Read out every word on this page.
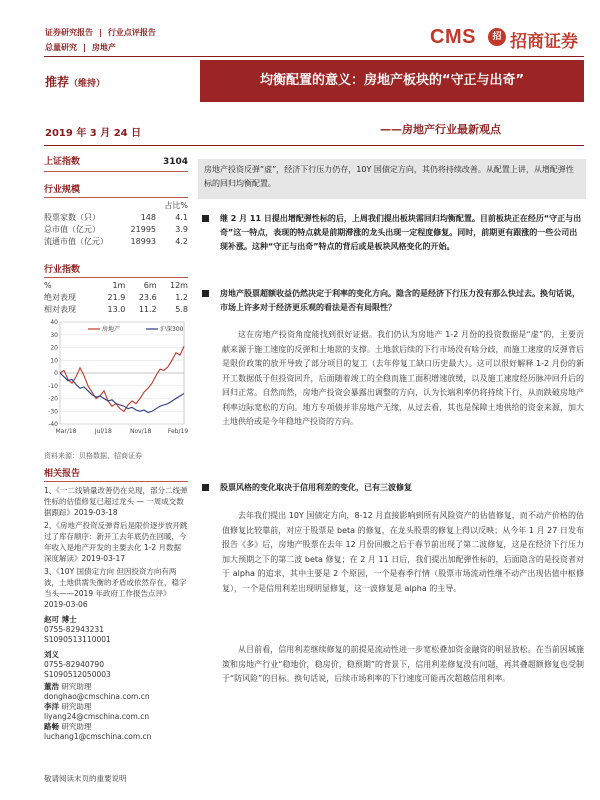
证券研究报告 | 行业点评报告
总量研究 | 房地产	CMS	招 招商证券
推荐（维持）	均衡配置的意义：房地产板块的“守正与出奇”
2019 年 3 月 24 日	——房地产行业最新观点
上证指数	3104
行业规模
占比%
股票家数（只）	148	4.1
总市值（亿元）	21995	3.9
流通市值（亿元）	18993	4.2
行业指数
%	1m	6m	12m
绝对表现	21.9	23.6	1.2
相对表现	13.0	11.2	5.8
40
30
20
10
0
-10
-20
-30
-40
Mar/18	Jul/18	Nov/18	Feb/19
房地产	沪深300
资料来源：贝格数据、招商证券
相关报告

1、《一二线销量改善仍在兑现，部分二线弹性标的估值修复已超过龙头 — 一周成交数据跟踪》2019-03-18

2、《房地产投资反弹背后是限价逐步放开跳过了库存顺序：新开工去年底仍在回暖，今年收入是地产开发的主要去化 1-2 月数据深度解读》2019-03-17

3、《10Y 国债定方向 但因投资方向有两波，土地供需失衡的矛盾或依然存在，稳字当头——2019 年政府工作报告点评》2019-03-06

赵可 博士
0755-82943231
S1090513110001
刘义
0755-82940790
S1090512050003
董浩 研究助理
donghao@cmschina.com.cn
李洋 研究助理
liyang24@cmschina.com.cn
路畅 研究助理
luchang1@cmschina.com.cn
敬请阅读末页的重要说明
房地产投资反弹“虚”，经济下行压力仍存，10Y 国债定方向，其仍将持续改善。从配置上讲，从增配弹性标的回归均衡配置。
继 2 月 11 日提出增配弹性标的后，上周我们提出板块需回归均衡配置。目前板块正在经历“守正与出奇”这一特点，表现的特点就是前期滞涨的龙头出现一定程度修复。同时，前期更有跟涨的一些公司出现补涨。这种“守正与出奇”特点的背后或是板块风格变化的开始。
房地产股票超额收益仍然决定于利率的变化方向。隐含的是经济下行压力没有那么快过去。换句话说，市场上许多对于经济更乐观的看法是否有局限性？
这在房地产投资角度能找到很好证据。我们仍认为房地产 1-2 月份的投资数据是“虚”的，主要贡献来源于施工速度的反弹和土地款的支撑。土地款后续的下行市场没有啥分歧，而施工速度的反弹背后是限价政策的放开导致了部分项目的复工（去年停复工缺口历史最大）。这可以很好解释 1-2 月份的新开工数据低于但投资回升，后面随着竣工的全稳而施工面积增速放缓，以及施工速度经历脉冲回升后的回归正常。自然而然，房地产投资会暴露出调整的方向，认为长端利率仍将持续下行，从而跌破房地产利率边际宽松的方向。地方专项债并非房地产无缘，从过去看，其也是保障土地供给的资金来源，加大土地供给或是今年稳地产投资的方向。
股票风格的变化取决于信用利差的变化，已有三波修复
去年我们提出 10Y 国债定方向，8-12 月直接影响到所有风险资产的估值修复，而不动产价格的估值修复比较靠前，对应于股票是 beta 的修复，在龙头股票的修复上得以反映；从今年 1 月 27 日发布报告《多》后，房地产股票在去年 12 月份回撤之后于春节前出现了第二波修复，这是在经济下行压力加大预期之下的第二波 beta 修复；在 2 月 11 日后，我们提出加配弹性标的，后面隐含的是投资者对于 alpha 的追求，其中主要是 2 个原因，一个是春季行情（股票市场流动性继不动产出现估值中枢修复），一个是信用利差出现明显修复，这一波修复是 alpha 的主导。
从目前看，信用利差继续修复的前提是流动性进一步宽松叠加资金融资的明显放松。在当前因城施策和房地产行业“稳地价，稳房价，稳预期”的背景下，信用利差修复没有问题，再其叠超额修复也受制于“防风险”的目标。换句话说，后续市场利率的下行速度可能再次超越信用利率。
